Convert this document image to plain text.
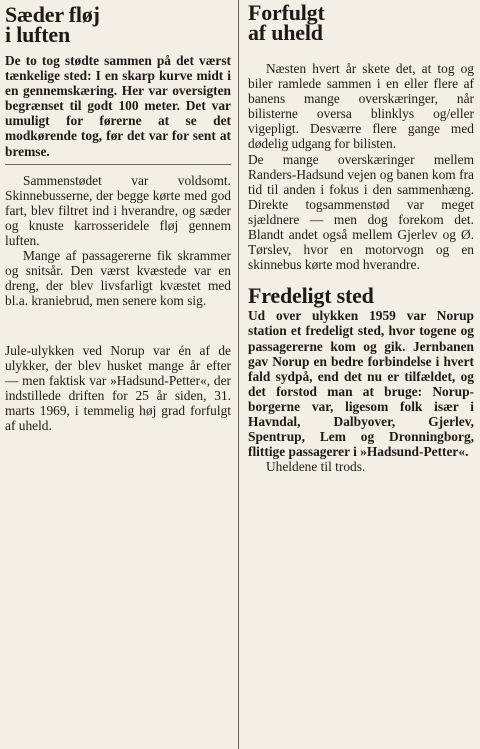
Sæder fløj
i luften

De to tog stødte sammen på det værst tænkelige sted: I en skarp kurve midt i en gennemskæring. Her var oversigten begrænset til godt 100 meter. Det var umuligt for førerne at se det modkørende tog, før det var for sent at bremse.

Sammenstødet var voldsomt. Skinnebusserne, der begge kørte med god fart, blev filtret ind i hverandre, og sæder og knuste karrosseridele fløj gennem luften.

Mange af passagererne fik skrammer og snitsår. Den værst kvæstede var en dreng, der blev livsfarligt kvæstet med bl.a. kraniebrud, men senere kom sig.

Jule-ulykken ved Norup var én af de ulykker, der blev husket mange år efter — men faktisk var »Hadsund-Petter«, der indstillede driften for 25 år siden, 31. marts 1969, i temmelig høj grad forfulgt af uheld.

Forfulgt
af uheld

Næsten hvert år skete det, at tog og biler ramlede sammen i en eller flere af banens mange overskæringer, når bilisterne oversa blinklys og/eller vigepligt. Desværre flere gange med dødelig udgang for bilisten.

De mange overskæringer mellem Randers-Hadsund vejen og banen kom fra tid til anden i fokus i den sammenhæng. Direkte togsammenstød var meget sjældnere — men dog forekom det. Blandt andet også mellem Gjerlev og Ø. Tørslev, hvor en motorvogn og en skinnebus kørte mod hverandre.

Fredeligt sted

Ud over ulykken 1959 var Norup station et fredeligt sted, hvor togene og passagererne kom og gik. Jernbanen gav Norup en bedre forbindelse i hvert fald sydpå, end det nu er tilfældet, og det forstod man at bruge: Norup-borgerne var, ligesom folk især i Havndal, Dalbyover, Gjerlev, Spentrup, Lem og Dronningborg, flittige passagerer i »Hadsund-Petter«.

Uheldene til trods.
